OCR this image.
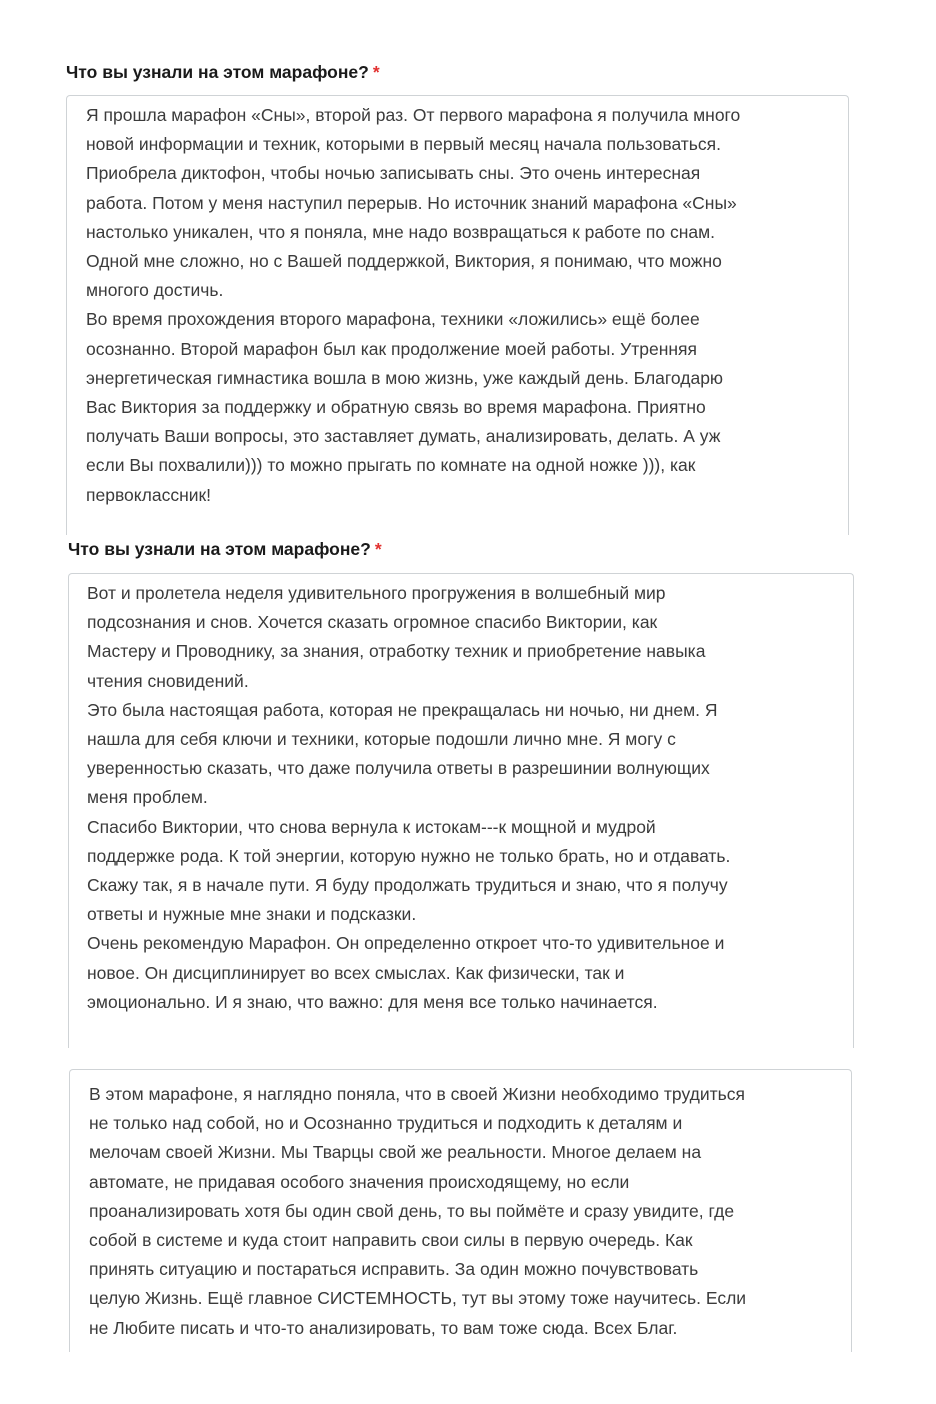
Что вы узнали на этом марафоне? *

Я прошла марафон «Сны», второй раз. От первого марафона я получила много

новой информации и техник, которыми в первый месяц начала пользоваться.

Приобрела диктофон, чтобы ночью записывать сны. Это очень интересная

работа. Потом у меня наступил перерыв. Но источник знаний марафона «Сны»

настолько уникален, что я поняла, мне надо возвращаться к работе по снам.

Одной мне сложно, но с Вашей поддержкой, Виктория, я понимаю, что можно

многого достичь.

Во время прохождения второго марафона, техники «ложились» ещё более

осознанно. Второй марафон был как продолжение моей работы. Утренняя

энергетическая гимнастика вошла в мою жизнь, уже каждый день. Благодарю

Вас Виктория за поддержку и обратную связь во время марафона. Приятно

получать Ваши вопросы, это заставляет думать, анализировать, делать. А уж

если Вы похвалили))) то можно прыгать по комнате на одной ножке ))), как

первоклассник!

Что вы узнали на этом марафоне? *

Вот и пролетела неделя удивительного прогружения в волшебный мир

подсознания и снов. Хочется сказать огромное спасибо Виктории, как

Мастеру и Проводнику, за знания, отработку техник и приобретение навыка

чтения сновидений.

Это была настоящая работа, которая не прекращалась ни ночью, ни днем. Я

нашла для себя ключи и техники, которые подошли лично мне. Я могу с

уверенностью сказать, что даже получила ответы в разрешинии волнующих

меня проблем.

Спасибо Виктории, что снова вернула к истокам---к мощной и мудрой

поддержке рода. К той энергии, которую нужно не только брать, но и отдавать.

Скажу так, я в начале пути. Я буду продолжать трудиться и знаю, что я получу

ответы и нужные мне знаки и подсказки.

Очень рекомендую Марафон. Он определенно откроет что-то удивительное и

новое. Он дисциплинирует во всех смыслах. Как физически, так и

эмоционально. И я знаю, что важно: для меня все только начинается.

В этом марафоне, я наглядно поняла, что в своей Жизни необходимо трудиться

не только над собой, но и Осознанно трудиться и подходить к деталям и

мелочам своей Жизни. Мы Тварцы свой же реальности. Многое делаем на

автомате, не придавая особого значения происходящему, но если

проанализировать хотя бы один свой день, то вы поймёте и сразу увидите, где

собой в системе и куда стоит направить свои силы в первую очередь. Как

принять ситуацию и постараться исправить. За один можно почувствовать

целую Жизнь. Ещё главное СИСТЕМНОСТЬ, тут вы этому тоже научитесь. Если

не Любите писать и что-то анализировать, то вам тоже сюда. Всех Благ.
